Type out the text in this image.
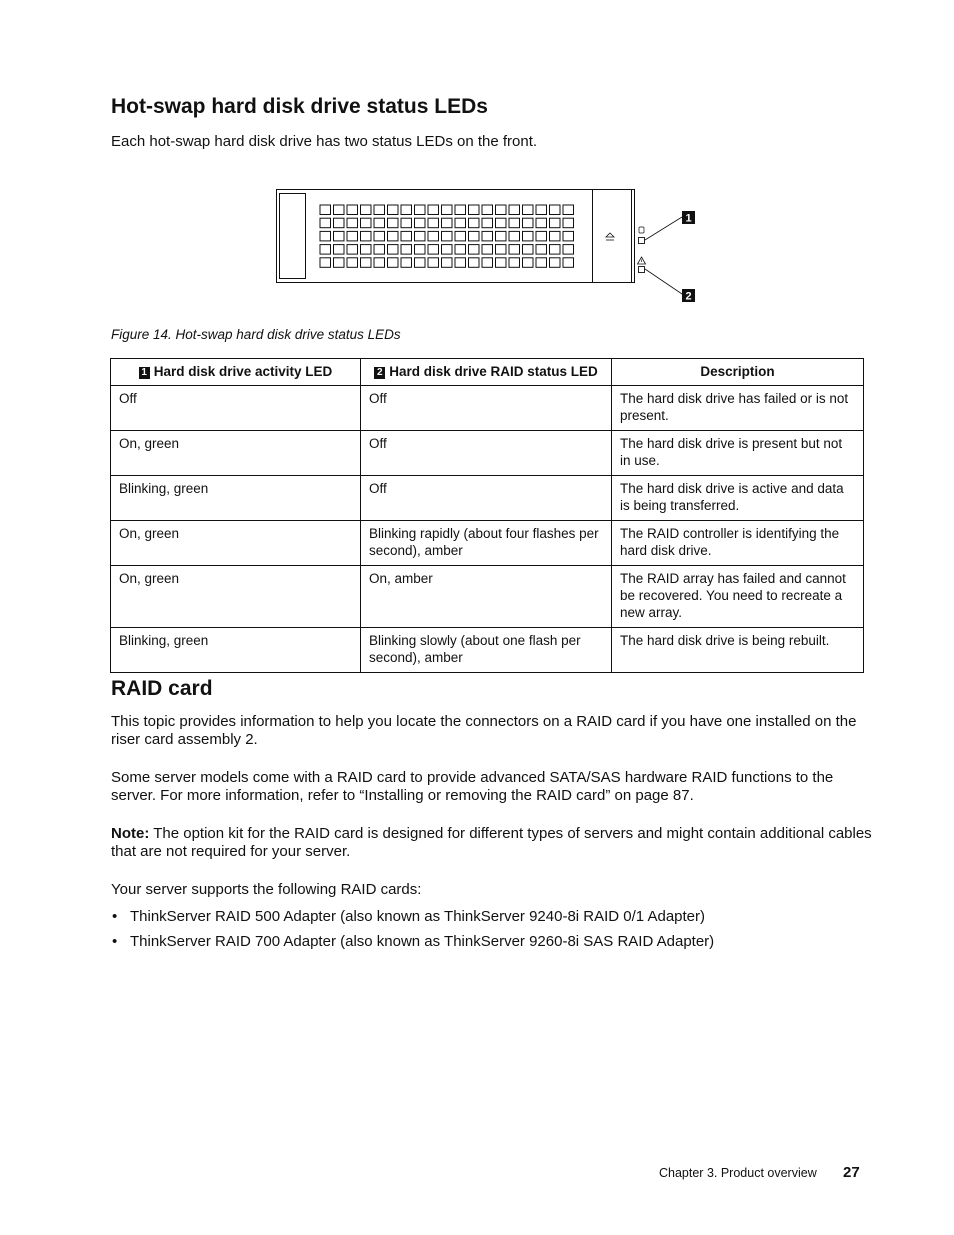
Hot-swap hard disk drive status LEDs
Each hot-swap hard disk drive has two status LEDs on the front.
1
2
Figure 14. Hot-swap hard disk drive status LEDs
1 Hard disk drive activity LED	2 Hard disk drive RAID status LED	Description
Off	Off	The hard disk drive has failed or is not present.
On, green	Off	The hard disk drive is present but not in use.
Blinking, green	Off	The hard disk drive is active and data is being transferred.
On, green	Blinking rapidly (about four flashes per second), amber	The RAID controller is identifying the hard disk drive.
On, green	On, amber	The RAID array has failed and cannot be recovered. You need to recreate a new array.
Blinking, green	Blinking slowly (about one flash per second), amber	The hard disk drive is being rebuilt.
RAID card
This topic provides information to help you locate the connectors on a RAID card if you have one installed on the riser card assembly 2.
Some server models come with a RAID card to provide advanced SATA/SAS hardware RAID functions to the server. For more information, refer to “Installing or removing the RAID card” on page 87.
Note: The option kit for the RAID card is designed for different types of servers and might contain additional cables that are not required for your server.
Your server supports the following RAID cards:
• ThinkServer RAID 500 Adapter (also known as ThinkServer 9240-8i RAID 0/1 Adapter)
• ThinkServer RAID 700 Adapter (also known as ThinkServer 9260-8i SAS RAID Adapter)
Chapter 3. Product overview 27
